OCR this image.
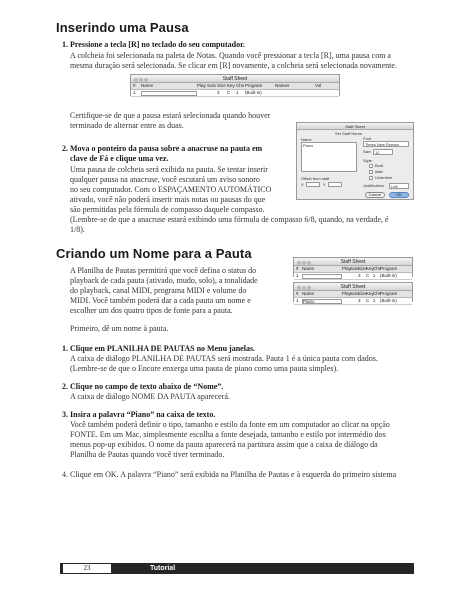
Inserindo uma Pausa
1. Pressione a tecla [R] no teclado do seu computador.
A colcheia foi selecionada na paleta de Notas. Quando você pressionar a tecla [R], uma pausa com a
mesma duração será selecionada. Se clicar em [R] novamente, a colcheia será selecionada novamente.
Staff Sheet
#	Name	Play Solo Size Key Chn Program	Names	Vol
1	3	C	1	(Built-in)
Certifique-se de que a pausa estará selecionada quando houver
terminado de alternar entre as duas.
2. Mova o ponteiro da pausa sobre a anacruse na pauta em
clave de Fá e clique uma vez.
Uma pausa de colcheia será exibida na pauta. Se tentar inserir
qualquer pausa na anacruse, você escutará um aviso sonoro
no seu computador. Com o ESPAÇAMENTO AUTOMÁTICO
ativado, você não poderá inserir mais notas ou pausas do que
são permitidas pela fórmula de compasso daquele compasso.
(Lembre-se de que a anacruse estará exibindo uma fórmula de compasso 6/8, quando, na verdade, é
1/8).
Staff Sheet
Set Staff Name
Name
Piano
Font
Times New Roman
Size 12
Style
Bold
Italic
Underline
Offset from staff
X	Y	Justification Left
Cancel	OK
Criando um Nome para a Pauta
A Planilha de Pautas permitirá que você defina o status do
playback de cada pauta (ativado, mudo, solo), a tonalidade
do playback, canal MIDI, programa MIDI e volume do
MIDI. Você também poderá dar a cada pauta um nome e
escolher um dos quatro tipos de fonte para a pauta.
Staff Sheet
# Name	Play Solo
Size Key Chn
Program
1	3	C 1 (Built-in)
Staff Sheet
# Name	Play Solo
Size Key Chn
Program
1 Piano	3	C 1 (Built-in)
Primeiro, dê um nome à pauta.
1. Clique em PLANILHA DE PAUTAS no Menu janelas.
A caixa de diálogo PLANILHA DE PAUTAS será mostrada. Pauta 1 é a única pauta com dados.
(Lembre-se de que o Encore enxerga uma pauta de piano como uma pauta simples).
2. Clique no campo de texto abaixo de “Nome”.
A caixa de diálogo NOME DA PAUTA aparecerá.
3. Insira a palavra “Piano” na caixa de texto.
Você também poderá definir o tipo, tamanho e estilo da fonte em um computador ao clicar na opção
FONTE. Em um Mac, simplesmente escolha a fonte desejada, tamanho e estilo por intermédio dos
menus pop-up exibidos. O nome da pauta aparecerá na partitura assim que a caixa de diálogo da
Planilha de Pautas quando você tiver terminado.
4. Clique em OK. A palavra “Piano” será exibida na Planilha de Pautas e à esquerda do primeiro sistema
23	Tutorial
